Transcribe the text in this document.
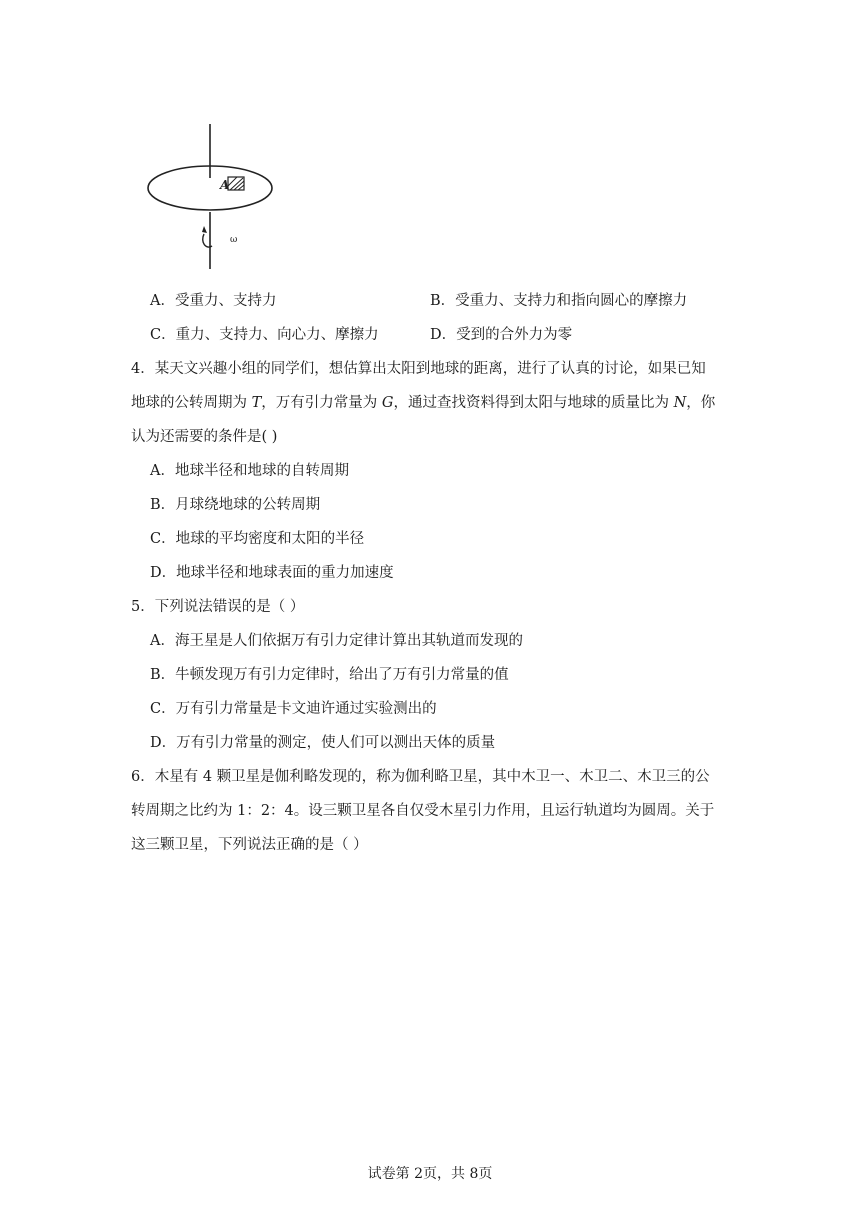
A
ω
A．受重力、支持力	B．受重力、支持力和指向圆心的摩擦力
C．重力、支持力、向心力、摩擦力	D．受到的合外力为零
4．某天文兴趣小组的同学们，想估算出太阳到地球的距离，进行了认真的讨论，如果已知
地球的公转周期为 T，万有引力常量为 G，通过查找资料得到太阳与地球的质量比为 N，你
认为还需要的条件是( )
A．地球半径和地球的自转周期
B．月球绕地球的公转周期
C．地球的平均密度和太阳的半径
D．地球半径和地球表面的重力加速度
5．下列说法错误的是（ ）
A．海王星是人们依据万有引力定律计算出其轨道而发现的
B．牛顿发现万有引力定律时，给出了万有引力常量的值
C．万有引力常量是卡文迪许通过实验测出的
D．万有引力常量的测定，使人们可以测出天体的质量
6．木星有 4 颗卫星是伽利略发现的，称为伽利略卫星，其中木卫一、木卫二、木卫三的公
转周期之比约为 1：2：4。设三颗卫星各自仅受木星引力作用，且运行轨道均为圆周。关于
这三颗卫星，下列说法正确的是（ ）
试卷第 2页，共 8页
